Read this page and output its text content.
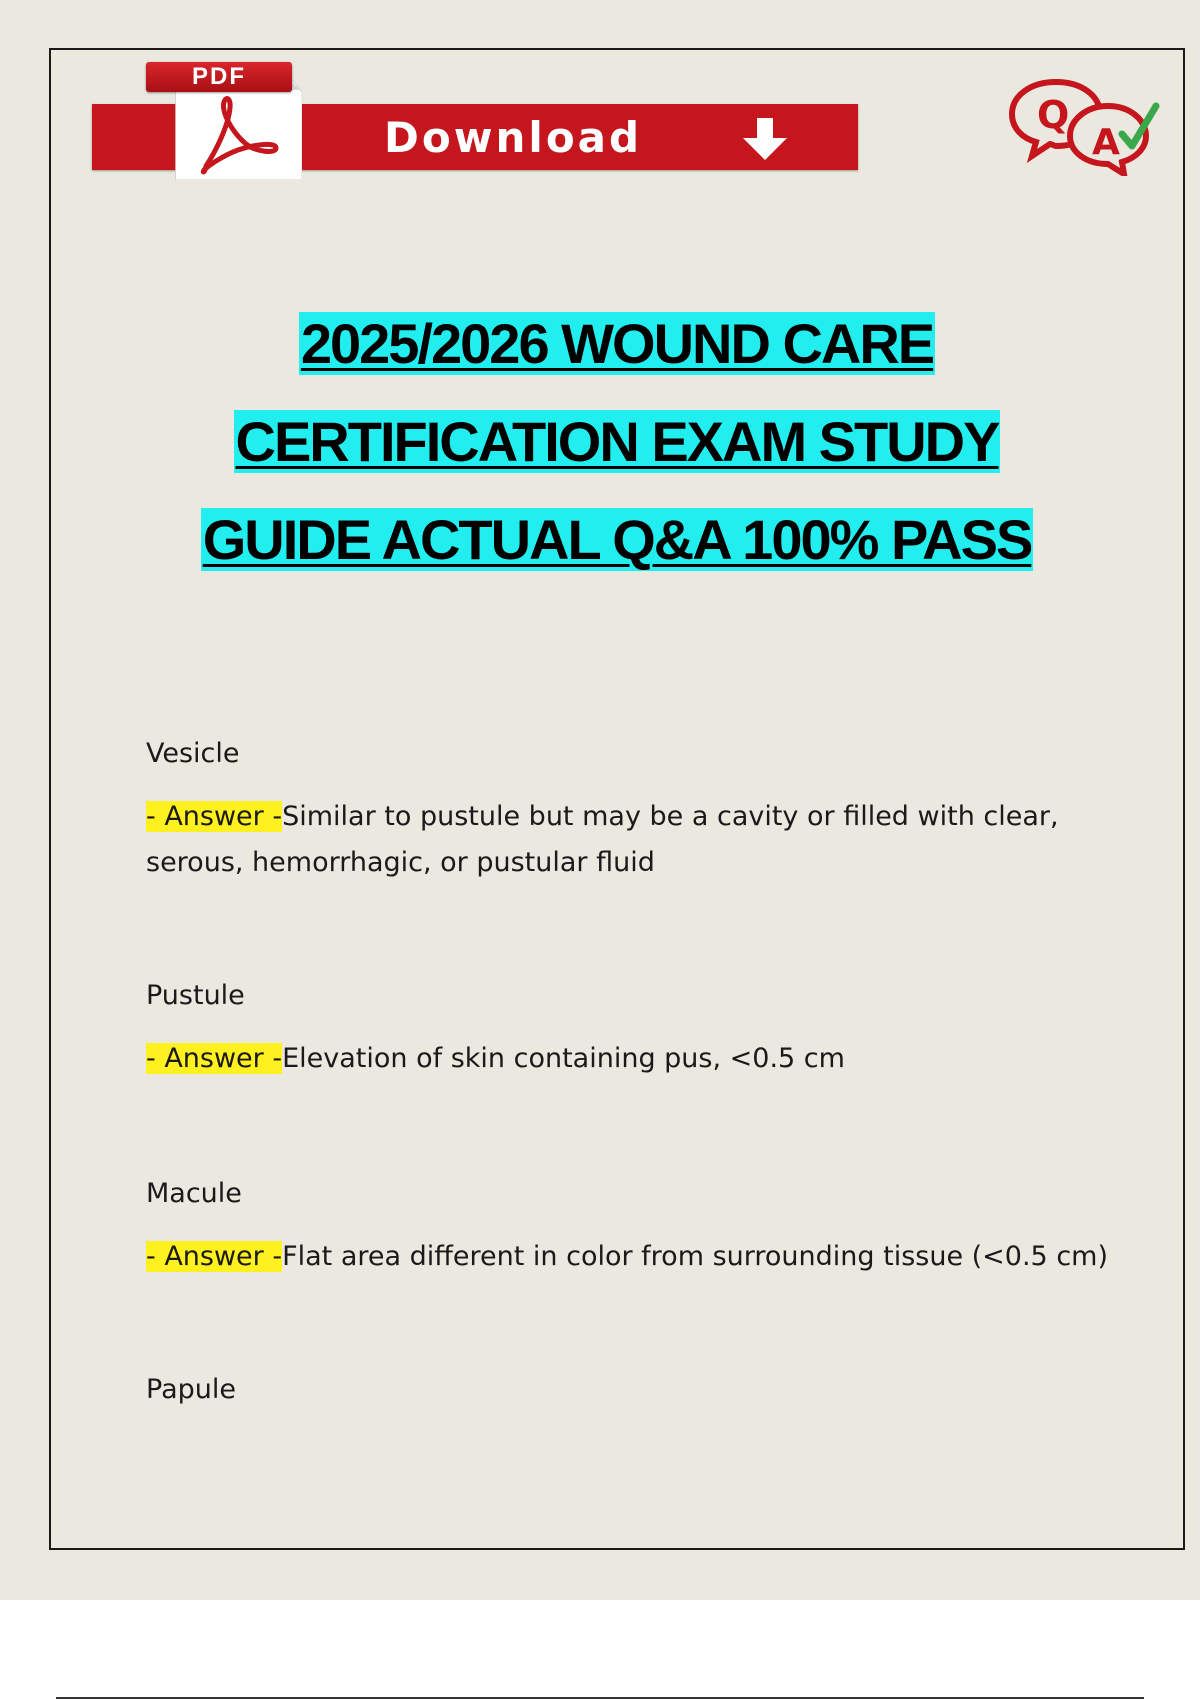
PDF
Download	Q
A
2025/2026 WOUND CARE
CERTIFICATION EXAM STUDY
GUIDE ACTUAL Q&A 100% PASS
Vesicle
- Answer -Similar to pustule but may be a cavity or filled with clear, serous, hemorrhagic, or pustular fluid
Pustule
- Answer -Elevation of skin containing pus, <0.5 cm
Macule
- Answer -Flat area different in color from surrounding tissue (<0.5 cm)
Papule
